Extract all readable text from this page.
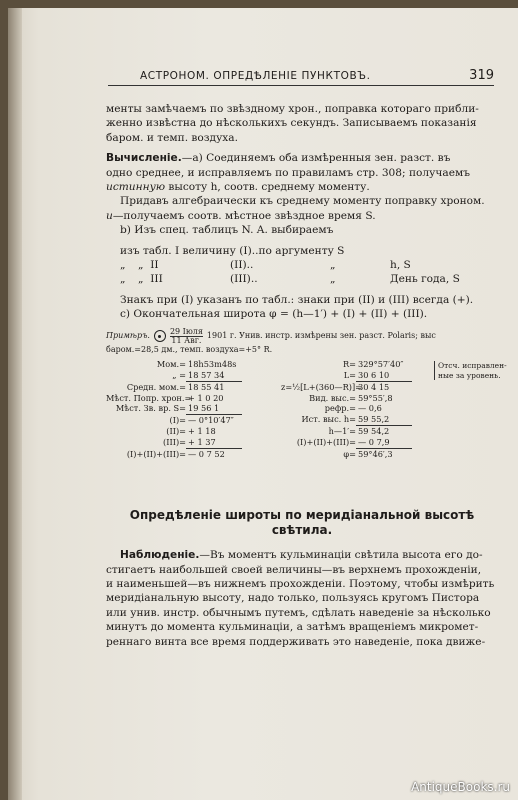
АСТРОНОМ. ОПРЕДѢЛЕНІЕ ПУНКТОВЪ.	319

менты замѣчаемъ по звѣздному хрон., поправка котораго прибли-

женно извѣстна до нѣсколькихъ секундъ. Записываемъ показанія

баром. и темп. воздуха.

Вычисленіе.—а) Соединяемъ оба измѣренныя зен. разст. въ

одно среднее, и исправляемъ по правиламъ стр. 308; получаемъ

истинную высоту h, соотв. среднему моменту.

Придавъ алгебраически къ среднему моменту поправку хроном.

u—получаемъ соотв. мѣстное звѣздное время S.

b) Изъ спец. таблицъ N. A. выбираемъ

изъ табл. I величину (I)..по аргументу S
„	„  II	(II)..	„	h, S
„	„  III	(III)..	„	День года, S

Знакъ при (I) указанъ по табл.: знаки при (II) и (III) всегда (+).

c) Окончательная широта φ = (h—1′) + (I) + (II) + (III).

Примѣръ.	$\frac{\text{29 Іюля}}{\text{11 Авг.}} 1901$ г. Унив. инстр. измѣрены зен. разст. Polaris; выс

баром.=28,5 дм., темп. воздуха=+5° R.

Мом.= 18h53m48s
„ = 18 57 34
Средн. мом.= 18 55 41
Мѣст. Попр. хрон.=
+ 1 0 20
Мѣст. Зв. вр. S= 19 56 1
(I)= — 0°10′47″
(II)= + 1 18
(III)= + 1 37
(I)+(II)+(III)= — 0 7 52
R= 329°57′40″
L= 30 6 10
z=½[L+(360—R)]=
30 4 15
Вид. выс.= 59°55′,8
рефр.= — 0,6
Ист. выс. h= 59 55,2
h—1′= 59 54,2
(I)+(II)+(III)= — 0 7,9
φ= 59°46′,3
Отсч. исправлен-
ные за уровень.
Опредѣленіе широты по меридіанальной высотѣ
свѣтила.

Наблюденіе.—Въ моментъ кульминаціи свѣтила высота его до-

стигаетъ наибольшей своей величины—въ верхнемъ прохожденіи,

и наименьшей—въ нижнемъ прохожденіи. Поэтому, чтобы измѣрить

меридіанальную высоту, надо только, пользуясь кругомъ Пистора

или унив. инстр. обычнымъ путемъ, сдѣлать наведеніе за нѣсколько

минутъ до момента кульминаціи, а затѣмъ вращеніемъ микромет-

реннаго винта все время поддерживать это наведеніе, пока движе-

AntiqueBooks.ru
